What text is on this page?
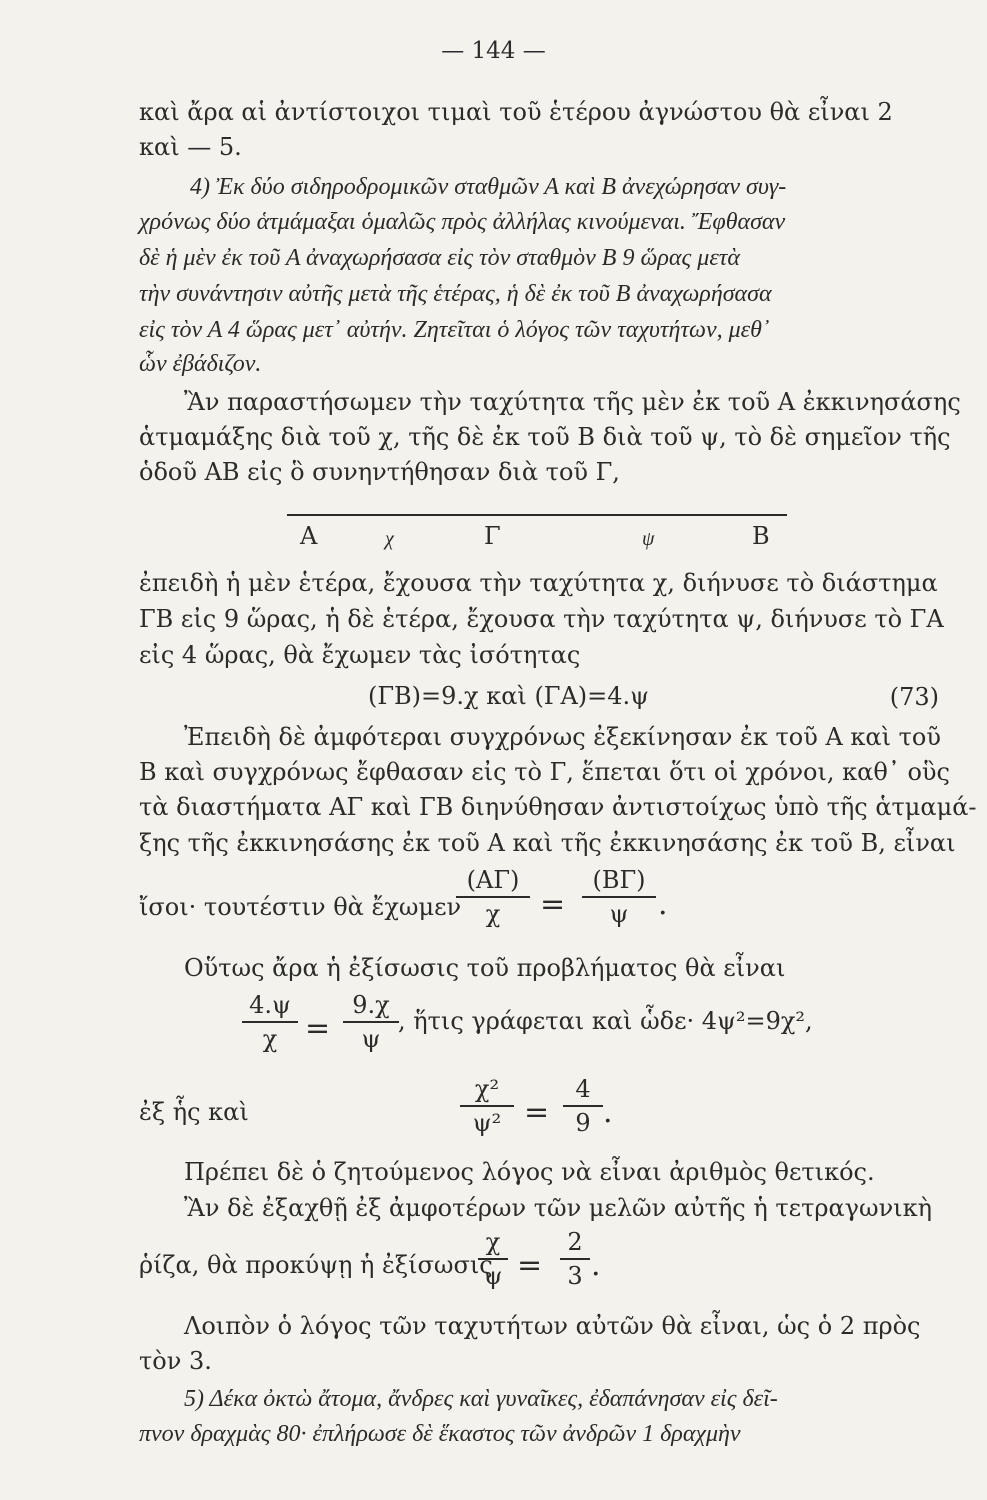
— 144 —
καὶ ἄρα αἱ ἀντίστοιχοι τιμαὶ τοῦ ἑτέρου ἀγνώστου θὰ εἶναι 2
καὶ — 5.
4) Ἐκ δύο σιδηροδρομικῶν σταθμῶν Α καὶ Β ἀνεχώρησαν συγ-
χρόνως δύο ἁτμάμαξαι ὁμαλῶς πρὸς ἀλλήλας κινούμεναι. Ἔφθασαν
δὲ ἡ μὲν ἐκ τοῦ Α ἀναχωρήσασα εἰς τὸν σταθμὸν Β 9 ὥρας μετὰ
τὴν συνάντησιν αὐτῆς μετὰ τῆς ἑτέρας, ἡ δὲ ἐκ τοῦ Β ἀναχωρήσασα
εἰς τὸν Α 4 ὥρας μετ᾿ αὐτήν. Ζητεῖται ὁ λόγος τῶν ταχυτήτων, μεθ᾿
ὧν ἐβάδιζον.
Ἂν παραστήσωμεν τὴν ταχύτητα τῆς μὲν ἐκ τοῦ Α ἐκκινησάσης
ἁτμαμάξης διὰ τοῦ χ, τῆς δὲ ἐκ τοῦ Β διὰ τοῦ ψ, τὸ δὲ σημεῖον τῆς
ὁδοῦ ΑΒ εἰς ὃ συνηντήθησαν διὰ τοῦ Γ,
Α	χ	Γ	ψ	Β
ἐπειδὴ ἡ μὲν ἑτέρα, ἔχουσα τὴν ταχύτητα χ, διήνυσε τὸ διάστημα
ΓΒ εἰς 9 ὥρας, ἡ δὲ ἑτέρα, ἔχουσα τὴν ταχύτητα ψ, διήνυσε τὸ ΓΑ
εἰς 4 ὥρας, θὰ ἔχωμεν τὰς ἰσότητας
(ΓΒ)=9.χ καὶ (ΓΑ)=4.ψ	(73)
Ἐπειδὴ δὲ ἀμφότεραι συγχρόνως ἐξεκίνησαν ἐκ τοῦ Α καὶ τοῦ
Β καὶ συγχρόνως ἔφθασαν εἰς τὸ Γ, ἕπεται ὅτι οἱ χρόνοι, καθ᾿ οὓς
τὰ διαστήματα ΑΓ καὶ ΓΒ διηνύθησαν ἀντιστοίχως ὑπὸ τῆς ἁτμαμά-
ξης τῆς ἐκκινησάσης ἐκ τοῦ Α καὶ τῆς ἐκκινησάσης ἐκ τοῦ Β, εἶναι
ἴσοι· τουτέστιν θὰ ἔχωμεν
(ΑΓ)
χ	=
(ΒΓ)
ψ .
Οὕτως ἄρα ἡ ἐξίσωσις τοῦ προβλήματος θὰ εἶναι
4.ψ
χ =
9.χ
ψ
, ἥτις γράφεται καὶ ὧδε· 4ψ²=9χ²,
ἐξ ἧς καὶ
χ²
ψ² =
4
9 .
Πρέπει δὲ ὁ ζητούμενος λόγος νὰ εἶναι ἀριθμὸς θετικός.
Ἂν δὲ ἐξαχθῇ ἐξ ἀμφοτέρων τῶν μελῶν αὐτῆς ἡ τετραγωνικὴ
ῥίζα, θὰ προκύψῃ ἡ ἐξίσωσις
χ
ψ =
2
3 .
Λοιπὸν ὁ λόγος τῶν ταχυτήτων αὐτῶν θὰ εἶναι, ὡς ὁ 2 πρὸς
τὸν 3.
5) Δέκα ὀκτὼ ἄτομα, ἄνδρες καὶ γυναῖκες, ἐδαπάνησαν εἰς δεῖ-
πνον δραχμὰς 80· ἐπλήρωσε δὲ ἕκαστος τῶν ἀνδρῶν 1 δραχμὴν
